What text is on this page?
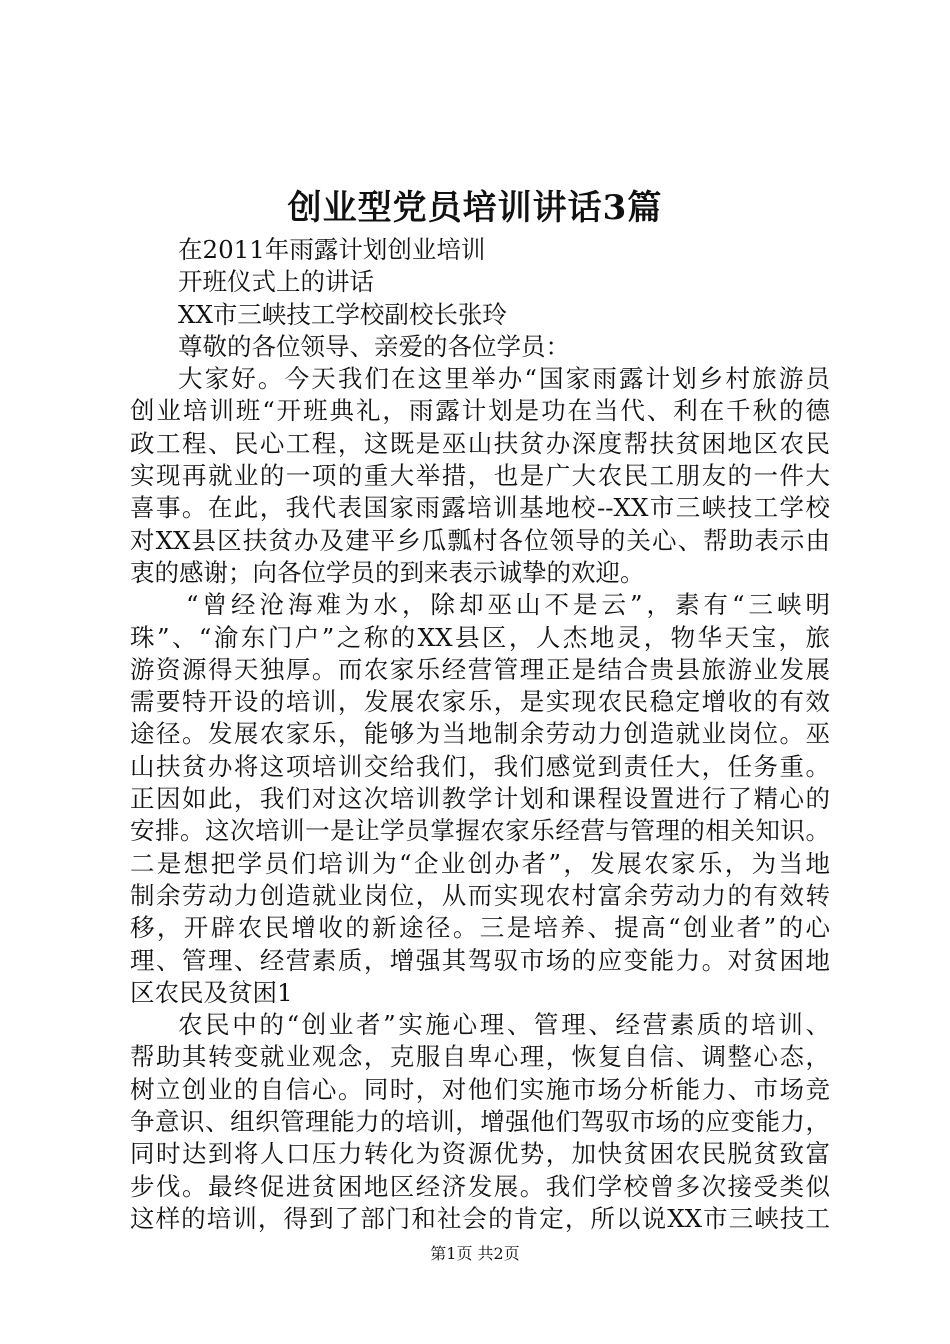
创业型党员培训讲话3篇
在2011年雨露计划创业培训
开班仪式上的讲话
XX市三峡技工学校副校长张玲
尊敬的各位领导、亲爱的各位学员：
大家好。今天我们在这里举办“国家雨露计划乡村旅游员
创业培训班“开班典礼，雨露计划是功在当代、利在千秋的德
政工程、民心工程，这既是巫山扶贫办深度帮扶贫困地区农民
实现再就业的一项的重大举措，也是广大农民工朋友的一件大
喜事。在此，我代表国家雨露培训基地校--XX市三峡技工学校
对XX县区扶贫办及建平乡瓜瓢村各位领导的关心、帮助表示由
衷的感谢；向各位学员的到来表示诚挚的欢迎。
“曾经沧海难为水，除却巫山不是云”，素有“三峡明
珠”、“渝东门户”之称的XX县区，人杰地灵，物华天宝，旅
游资源得天独厚。而农家乐经营管理正是结合贵县旅游业发展
需要特开设的培训，发展农家乐，是实现农民稳定增收的有效
途径。发展农家乐，能够为当地制余劳动力创造就业岗位。巫
山扶贫办将这项培训交给我们，我们感觉到责任大，任务重。
正因如此，我们对这次培训教学计划和课程设置进行了精心的
安排。这次培训一是让学员掌握农家乐经营与管理的相关知识。
二是想把学员们培训为“企业创办者”，发展农家乐，为当地
制余劳动力创造就业岗位，从而实现农村富余劳动力的有效转
移，开辟农民增收的新途径。三是培养、提高“创业者”的心
理、管理、经营素质，增强其驾驭市场的应变能力。对贫困地
区农民及贫困1
农民中的“创业者”实施心理、管理、经营素质的培训、
帮助其转变就业观念，克服自卑心理，恢复自信、调整心态，
树立创业的自信心。同时，对他们实施市场分析能力、市场竞
争意识、组织管理能力的培训，增强他们驾驭市场的应变能力，
同时达到将人口压力转化为资源优势，加快贫困农民脱贫致富
步伐。最终促进贫困地区经济发展。我们学校曾多次接受类似
这样的培训，得到了部门和社会的肯定，所以说XX市三峡技工
第1页 共2页
